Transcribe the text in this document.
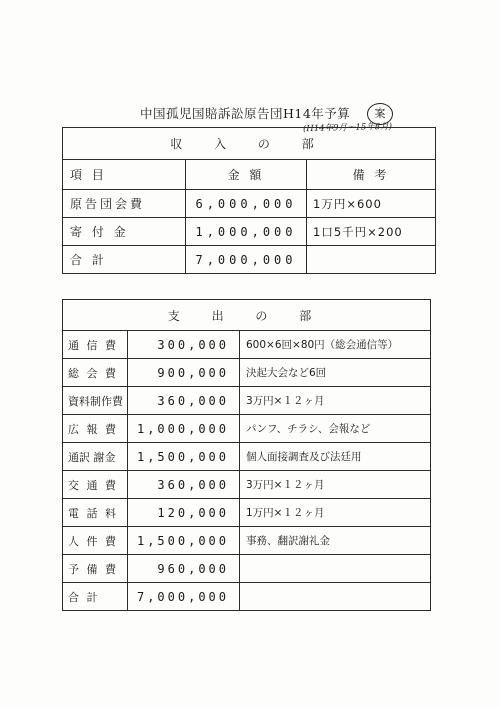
中国孤児国賠訴訟原告団H14年予算	案
(H14年9月〜15年8月)
収 入 の 部		
項 目	金 額	備 考
原告団会費	6,000,000	1万円×600
寄 付 金	1,000,000	1口5千円×200
合 計	7,000,000	
支 出 の 部		
通 信 費	300,000	600×6回×80円（総会通信等）
総 会 費	900,000	決起大会など6回
資料制作費	360,000	3万円×１２ヶ月
広 報 費	1,000,000	パンフ、チラシ、会報など
通訳 謝金	1,500,000	個人面接調査及び法廷用
交 通 費	360,000	3万円×１２ヶ月
電 話 料	120,000	1万円×１２ヶ月
人 件 費	1,500,000	事務、翻訳謝礼金
予 備 費	960,000	
合 計	7,000,000	
